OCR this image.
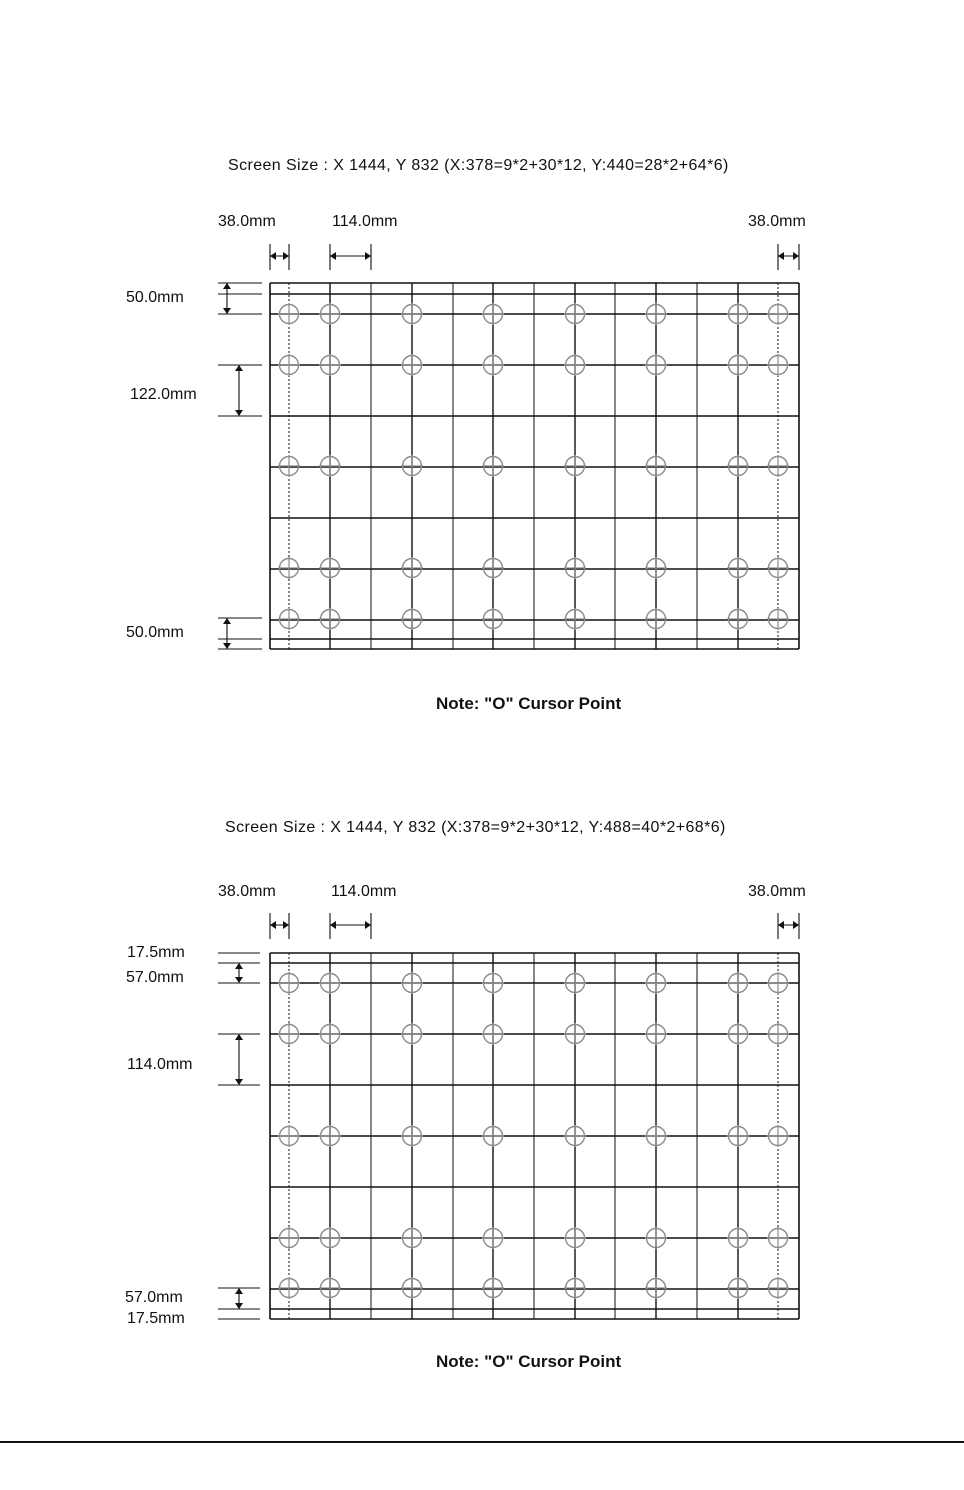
Screen Size : X 1444, Y 832 (X:378=9*2+30*12, Y:440=28*2+64*6)
38.0mm	114.0mm	38.0mm
50.0mm
122.0mm
50.0mm
Note: "O" Cursor Point
Screen Size : X 1444, Y 832 (X:378=9*2+30*12, Y:488=40*2+68*6)
38.0mm	114.0mm	38.0mm
17.5mm
57.0mm
114.0mm
57.0mm
17.5mm
Note: "O" Cursor Point
